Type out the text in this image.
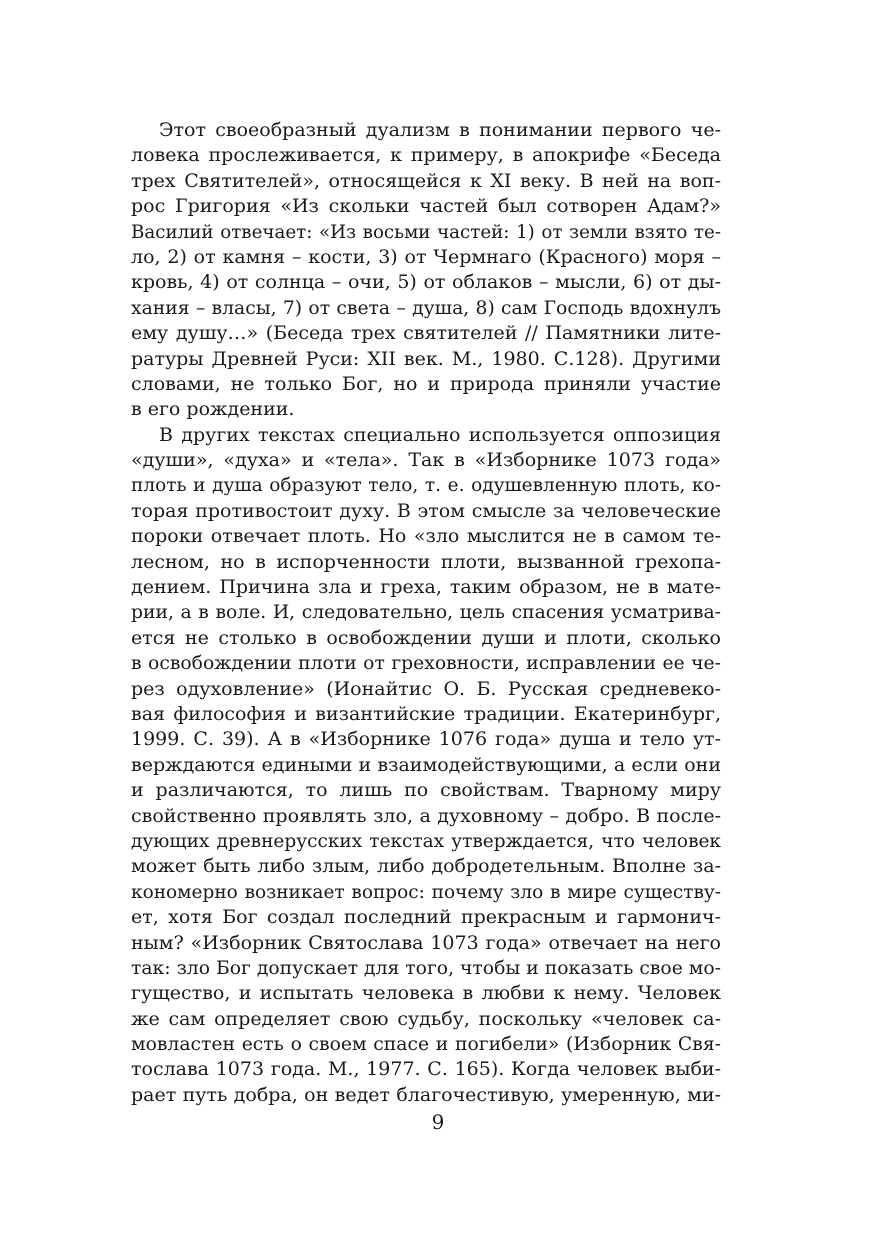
Этот своеобразный дуализм в понимании первого че-
ловека прослеживается, к примеру, в апокрифе «Беседа
трех Святителей», относящейся к XI веку. В ней на воп-
рос Григория «Из скольки частей был сотворен Адам?»
Василий отвечает: «Из восьми частей: 1) от земли взято те-
ло, 2) от камня – кости, 3) от Чермнаго (Красного) моря –
кровь, 4) от солнца – очи, 5) от облаков – мысли, 6) от ды-
хания – власы, 7) от света – душа, 8) сам Господь вдохнулъ
ему душу…» (Беседа трех святителей // Памятники лите-
ратуры Древней Руси: XII век. М., 1980. С.128). Другими
словами, не только Бог, но и природа приняли участие
в его рождении.
В других текстах специально используется оппозиция
«души», «духа» и «тела». Так в «Изборнике 1073 года»
плоть и душа образуют тело, т. е. одушевленную плоть, ко-
торая противостоит духу. В этом смысле за человеческие
пороки отвечает плоть. Но «зло мыслится не в самом те-
лесном, но в испорченности плоти, вызванной грехопа-
дением. Причина зла и греха, таким образом, не в мате-
рии, а в воле. И, следовательно, цель спасения усматрива-
ется не столько в освобождении души и плоти, сколько
в освобождении плоти от греховности, исправлении ее че-
рез одуховление» (Ионайтис О. Б. Русская средневеко-
вая философия и византийские традиции. Екатеринбург,
1999. С. 39). А в «Изборнике 1076 года» душа и тело ут-
верждаются едиными и взаимодействующими, а если они
и различаются, то лишь по свойствам. Тварному миру
свойственно проявлять зло, а духовному – добро. В после-
дующих древнерусских текстах утверждается, что человек
может быть либо злым, либо добродетельным. Вполне за-
кономерно возникает вопрос: почему зло в мире существу-
ет, хотя Бог создал последний прекрасным и гармонич-
ным? «Изборник Святослава 1073 года» отвечает на него
так: зло Бог допускает для того, чтобы и показать свое мо-
гущество, и испытать человека в любви к нему. Человек
же сам определяет свою судьбу, поскольку «человек са-
мовластен есть о своем спасе и погибели» (Изборник Свя-
тослава 1073 года. М., 1977. С. 165). Когда человек выби-
рает путь добра, он ведет благочестивую, умеренную, ми-
9
